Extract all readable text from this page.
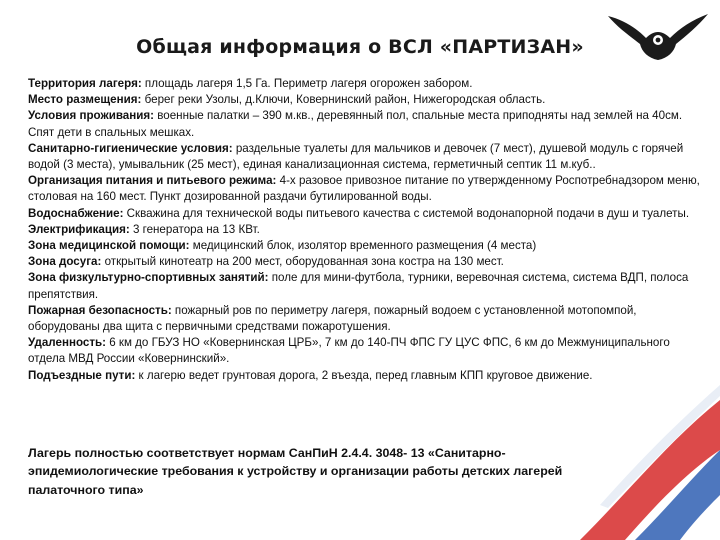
Общая информация о ВСЛ «ПАРТИЗАН»

Территория лагеря: площадь лагеря 1,5 Га. Периметр лагеря огорожен забором.

Место размещения: берег реки Узолы, д.Ключи, Ковернинский район, Нижегородская область.

Условия проживания: военные палатки – 390 м.кв., деревянный пол, спальные места приподняты над землей на 40см. Спят дети в спальных мешках.

Санитарно-гигиенические условия: раздельные туалеты для мальчиков и девочек (7 мест), душевой модуль с горячей водой (3 места), умывальник (25 мест), единая канализационная система, герметичный септик 11 м.куб..

Организация питания и питьевого режима: 4-х разовое привозное питание по утвержденному Роспотребнадзором меню, столовая на 160 мест. Пункт дозированной раздачи бутилированной воды.

Водоснабжение: Скважина для технической воды питьевого качества с системой водонапорной подачи в душ и туалеты.

Электрификация: 3 генератора на 13 КВт.

Зона медицинской помощи: медицинский блок, изолятор временного размещения (4 места)

Зона досуга: открытый кинотеатр на 200 мест, оборудованная зона костра на 130 мест.

Зона физкультурно-спортивных занятий: поле для мини-футбола, турники, веревочная система, система ВДП, полоса препятствия.

Пожарная безопасность: пожарный ров по периметру лагеря, пожарный водоем с установленной мотопомпой, оборудованы два щита с первичными средствами пожаротушения.

Удаленность: 6 км до ГБУЗ НО «Ковернинская ЦРБ», 7 км до 140-ПЧ ФПС ГУ ЦУС ФПС, 6 км до Межмуниципального отдела МВД России «Ковернинский».

Подъездные пути: к лагерю ведет грунтовая дорога, 2 въезда, перед главным КПП круговое движение.

Лагерь полностью соответствует нормам СанПиН 2.4.4. 3048- 13 «Санитарно-эпидемиологические требования к устройству и организации работы детских лагерей палаточного типа»
